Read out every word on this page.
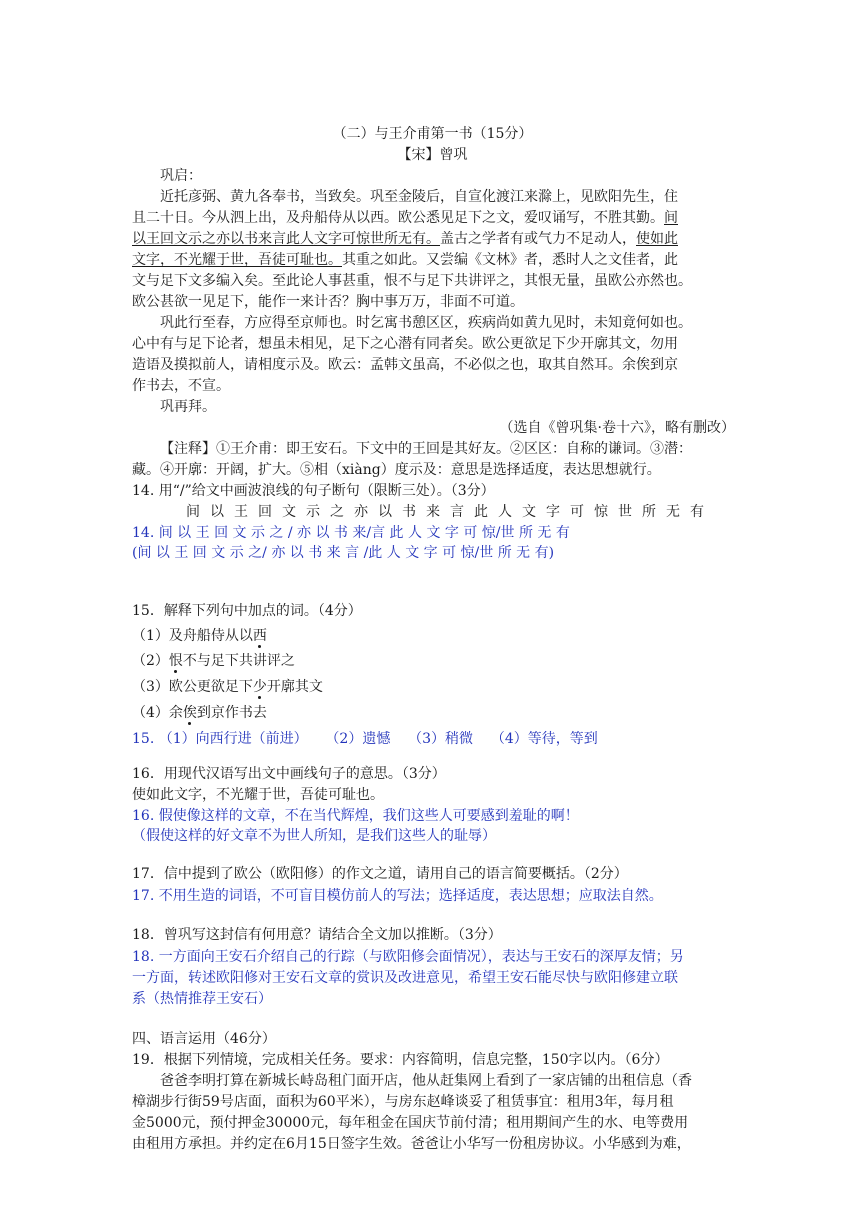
（二）与王介甫第一书（15分）
【宋】曾巩
巩启：
近托彦弼、黄九各奉书，当致矣。巩至金陵后，自宣化渡江来滁上，见欧阳先生，住
且二十日。今从泗上出，及舟船侍从以西。欧公悉见足下之文，爱叹诵写，不胜其勤。间
以王回文示之亦以书来言此人文字可惊世所无有。盖古之学者有或气力不足动人，使如此
文字，不光耀于世，吾徒可耻也。其重之如此。又尝编《文林》者，悉时人之文佳者，此
文与足下文多编入矣。至此论人事甚重，恨不与足下共讲评之，其恨无量，虽欧公亦然也。
欧公甚欲一见足下，能作一来计否？胸中事万万，非面不可道。
巩此行至春，方应得至京师也。时乞寓书憩区区，疾病尚如黄九见时，未知竟何如也。
心中有与足下论者，想虽未相见，足下之心潜有同者矣。欧公更欲足下少开廓其文，勿用
造语及摸拟前人，请相度示及。欧云：孟韩文虽高，不必似之也，取其自然耳。余俟到京
作书去，不宣。
巩再拜。
（选自《曾巩集·卷十六》，略有删改）
【注释】①王介甫：即王安石。下文中的王回是其好友。②区区：自称的谦词。③潜：
藏。④开廓：开阔，扩大。⑤相（xiàng）度示及：意思是选择适度，表达思想就行。
14. 用“/”给文中画波浪线的句子断句（限断三处）。（3分）
间以王回文示之亦以书来言此人文字可惊世所无有
14. 间 以 王 回 文 示 之 / 亦 以 书 来/言 此 人 文 字 可 惊/世 所 无 有
(间 以 王 回 文 示 之/ 亦 以 书 来 言 /此 人 文 字 可 惊/世 所 无 有)
15．解释下列句中加点的词。（4分）
（1）及舟船侍从以西
（2）恨不与足下共讲评之
（3）欧公更欲足下少开廓其文
（4）余俟到京作书去
15. （1）向西行进（前进）    （2）遗憾    （3）稍微    （4）等待，等到
16．用现代汉语写出文中画线句子的意思。（3分）
使如此文字，不光耀于世，吾徒可耻也。
16. 假使像这样的文章，不在当代辉煌，我们这些人可要感到羞耻的啊！
（假使这样的好文章不为世人所知，是我们这些人的耻辱）
17．信中提到了欧公（欧阳修）的作文之道，请用自己的语言简要概括。（2分）
17. 不用生造的词语，不可盲目模仿前人的写法；选择适度，表达思想；应取法自然。
18．曾巩写这封信有何用意？请结合全文加以推断。（3分）
18. 一方面向王安石介绍自己的行踪（与欧阳修会面情况），表达与王安石的深厚友情；另
一方面，转述欧阳修对王安石文章的赏识及改进意见，希望王安石能尽快与欧阳修建立联
系（热情推荐王安石）
四、语言运用（46分）
19．根据下列情境，完成相关任务。要求：内容简明，信息完整，150字以内。（6分）
爸爸李明打算在新城长峙岛租门面开店，他从赶集网上看到了一家店铺的出租信息（香
樟湖步行街59号店面，面积为60平米），与房东赵峰谈妥了租赁事宜：租用3年，每月租
金5000元，预付押金30000元，每年租金在国庆节前付清；租用期间产生的水、电等费用
由租用方承担。并约定在6月15日签字生效。爸爸让小华写一份租房协议。小华感到为难，
